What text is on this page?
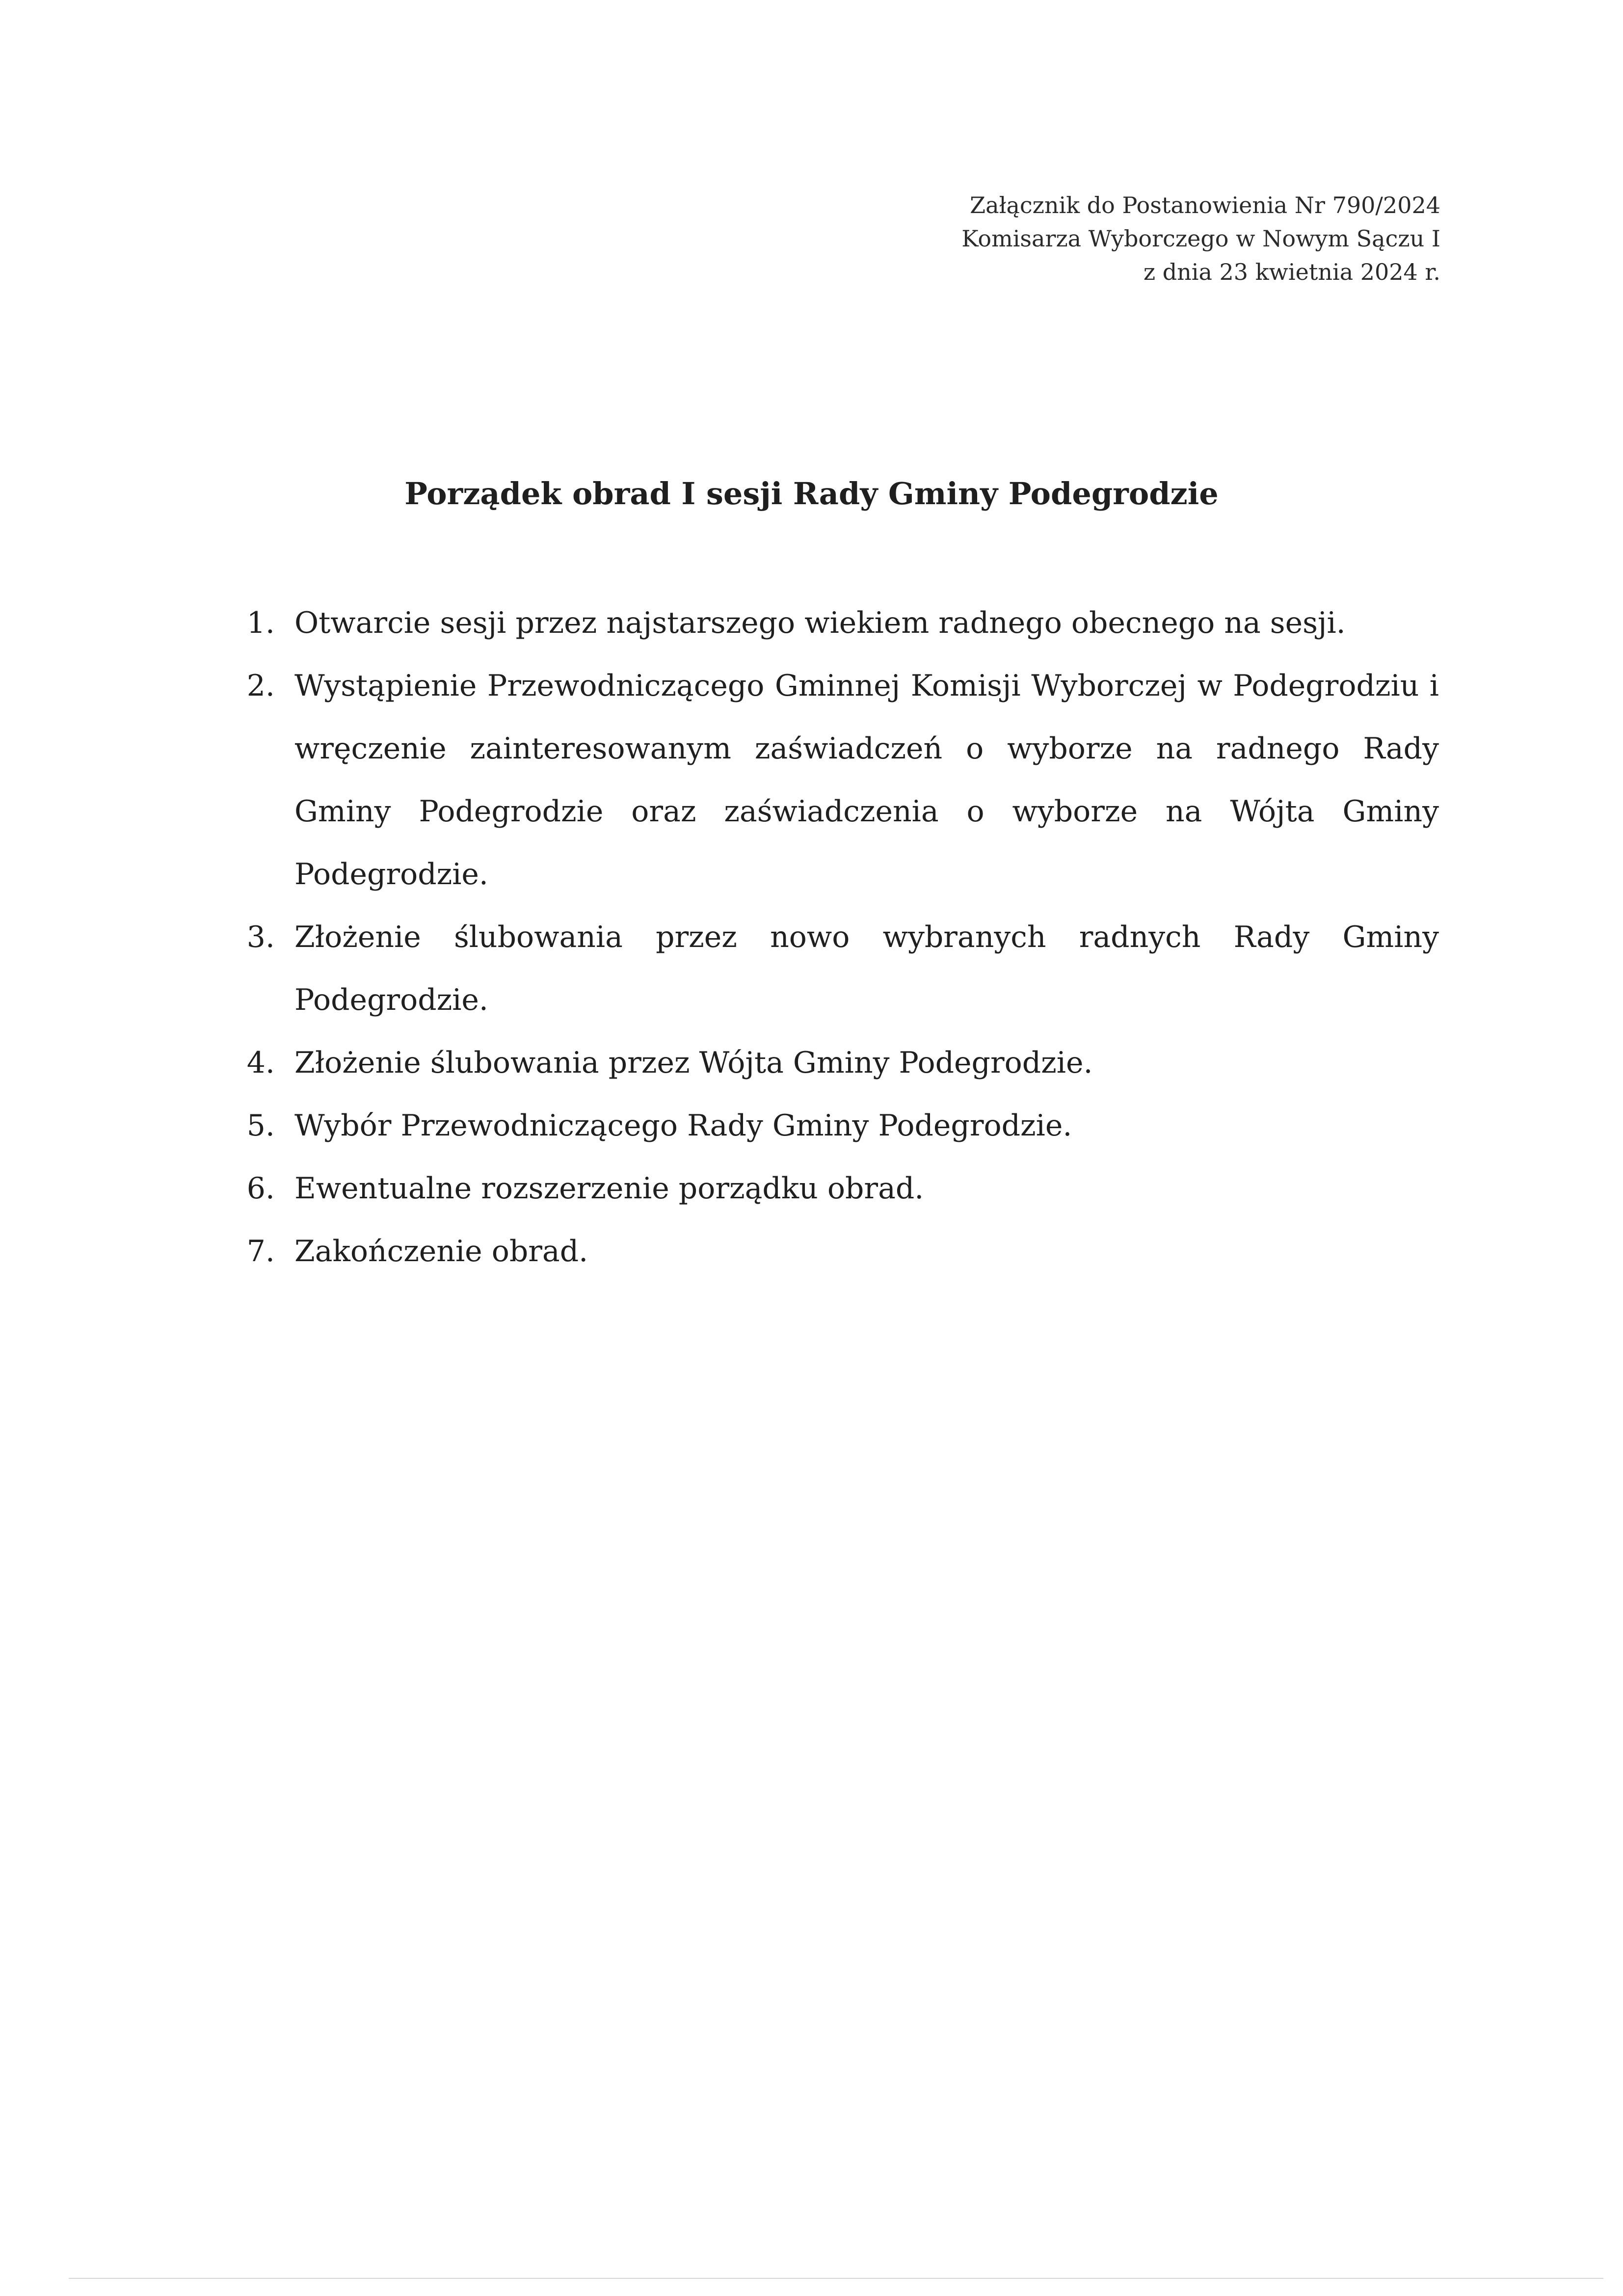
Załącznik do Postanowienia Nr 790/2024
Komisarza Wyborczego w Nowym Sączu I
z dnia 23 kwietnia 2024 r.
Porządek obrad I sesji Rady Gminy Podegrodzie
1. Otwarcie sesji przez najstarszego wiekiem radnego obecnego na sesji.
2. Wystąpienie Przewodniczącego Gminnej Komisji Wyborczej w Podegrodziu i wręczenie zainteresowanym zaświadczeń o wyborze na radnego Rady Gminy Podegrodzie oraz zaświadczenia o wyborze na Wójta Gminy Podegrodzie.
3. Złożenie ślubowania przez nowo wybranych radnych Rady Gminy Podegrodzie.
4. Złożenie ślubowania przez Wójta Gminy Podegrodzie.
5. Wybór Przewodniczącego Rady Gminy Podegrodzie.
6. Ewentualne rozszerzenie porządku obrad.
7. Zakończenie obrad.
